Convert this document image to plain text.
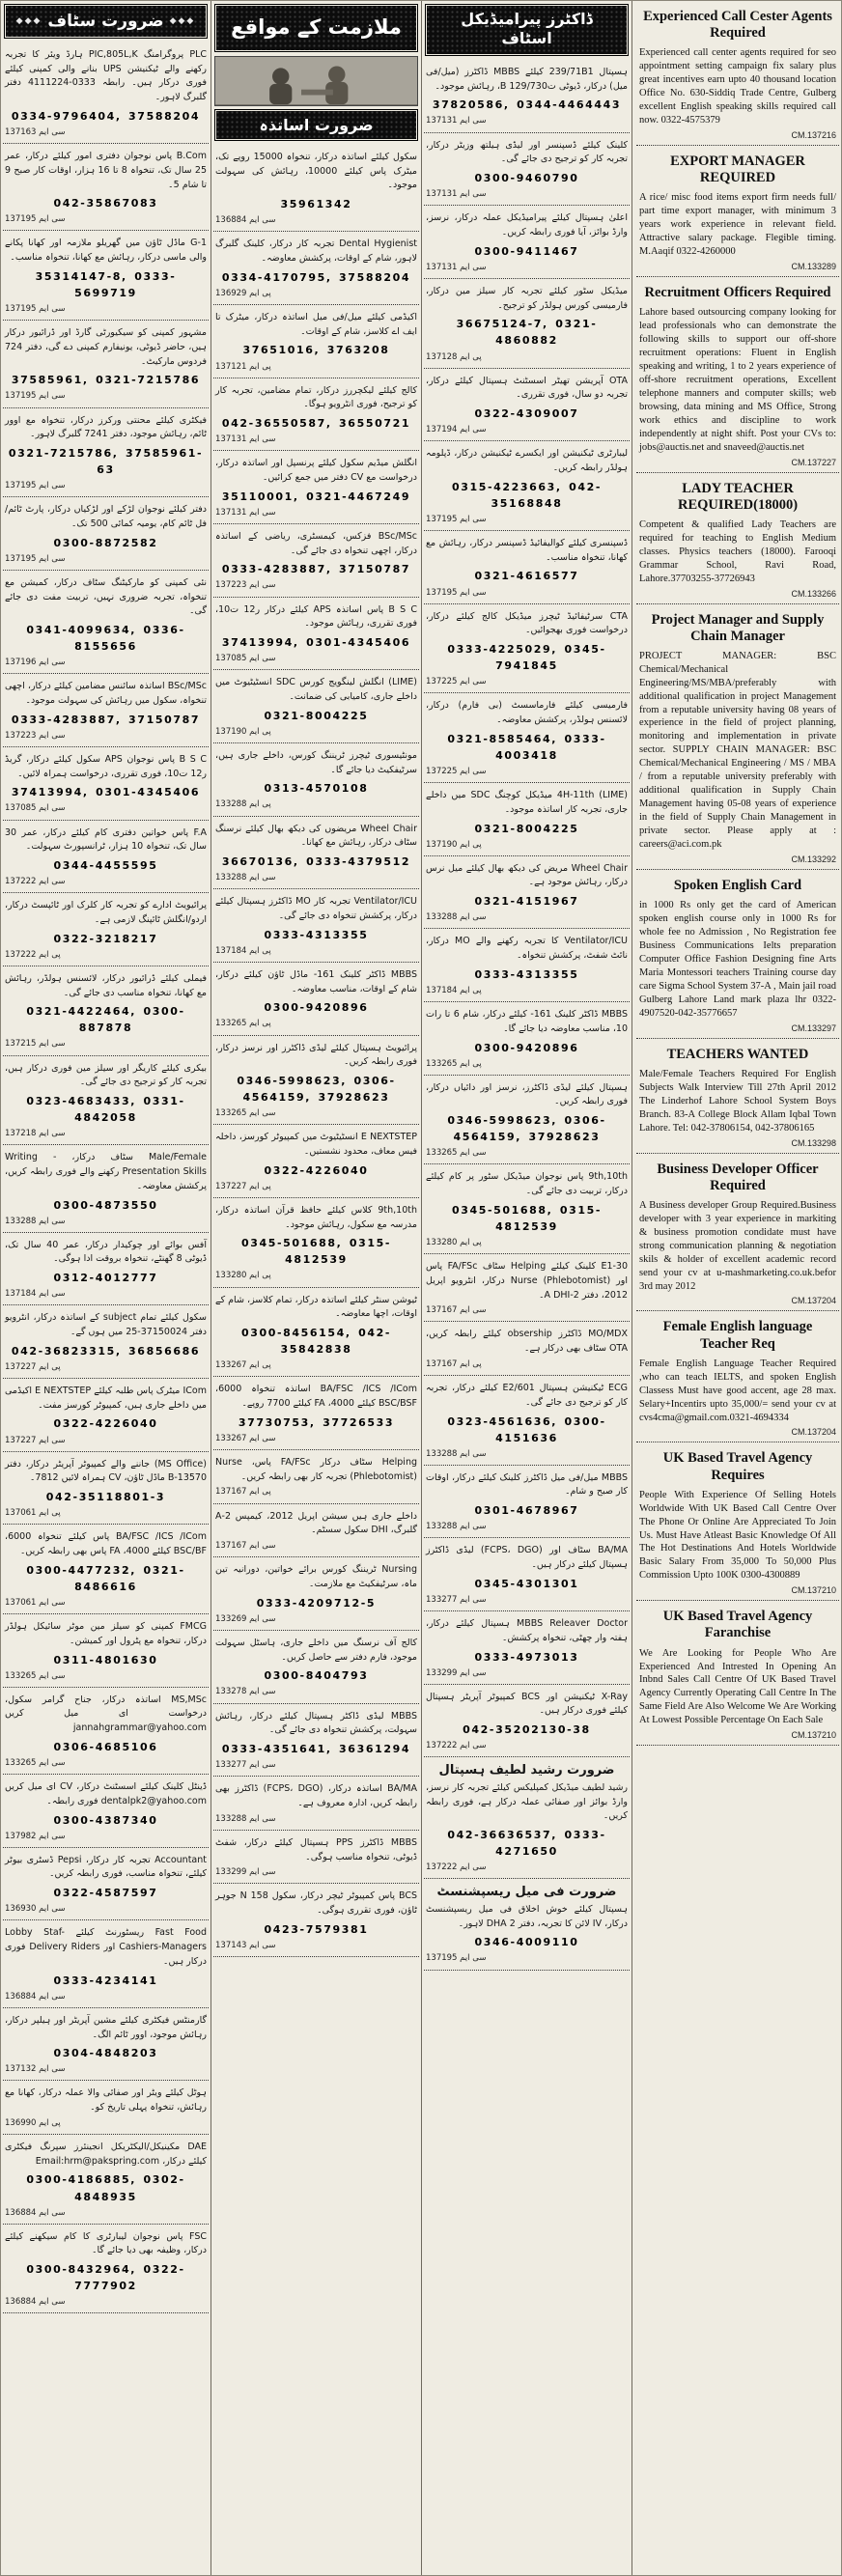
◆◆◆
ضرورت سٹاف
◆◆◆
PLC پروگرامنگ PIC,805L,K ہارڈ ویئر کا تجربہ رکھنے والے ٹیکنیشن UPS بنانے والی کمپنی کیلئے فوری درکار ہیں۔ رابطہ 0333-4111224 دفتر گلبرگ لاہور۔
0334-9796404, 37588204
سی ایم 137163
B.Com پاس نوجوان دفتری امور کیلئے درکار، عمر 25 سال تک، تنخواہ 8 تا 16 ہزار، اوقات کار صبح 9 تا شام 5۔
042-35867083
سی ایم 137195
G-1 ماڈل ٹاؤن میں گھریلو ملازمہ اور کھانا پکانے والی ماسی درکار، رہائش مع کھانا، تنخواہ مناسب۔
35314147-8, 0333-5699719
سی ایم 137195
مشہور کمپنی کو سیکیورٹی گارڈ اور ڈرائیور درکار ہیں، حاضر ڈیوٹی، یونیفارم کمپنی دے گی، دفتر 724 فردوس مارکیٹ۔
37585961, 0321-7215786
سی ایم 137195
فیکٹری کیلئے محنتی ورکرز درکار، تنخواہ مع اوور ٹائم، رہائش موجود، دفتر 7241 گلبرگ لاہور۔
0321-7215786, 37585961-63
سی ایم 137195
دفتر کیلئے نوجوان لڑکے اور لڑکیاں درکار، پارٹ ٹائم/فل ٹائم کام، یومیہ کمائی 500 تک۔
0300-8872582
سی ایم 137195
نئی کمپنی کو مارکیٹنگ سٹاف درکار، کمیشن مع تنخواہ، تجربہ ضروری نہیں، تربیت مفت دی جائے گی۔
0341-4099634, 0336-8155656
سی ایم 137196
BSc/MSc اساتذہ سائنس مضامین کیلئے درکار، اچھی تنخواہ، سکول میں رہائش کی سہولت موجود۔
0333-4283887, 37150787
سی ایم 137223
B S C پاس نوجوان APS سکول کیلئے درکار، گریڈ ر12 ت10، فوری تقرری، درخواست ہمراہ لائیں۔
37413994, 0301-4345406
سی ایم 137085
F.A پاس خواتین دفتری کام کیلئے درکار، عمر 30 سال تک، تنخواہ 10 ہزار، ٹرانسپورٹ سہولت۔
0344-4455595
سی ایم 137222
پرائیویٹ ادارے کو تجربہ کار کلرک اور ٹائپسٹ درکار، اردو/انگلش ٹائپنگ لازمی ہے۔
0322-3218217
پی ایم 137222
فیملی کیلئے ڈرائیور درکار، لائسنس ہولڈر، رہائش مع کھانا، تنخواہ مناسب دی جائے گی۔
0321-4422464, 0300-887878
سی ایم 137215
بیکری کیلئے کاریگر اور سیلز مین فوری درکار ہیں، تجربہ کار کو ترجیح دی جائے گی۔
0323-4683433, 0331-4842058
سی ایم 137218
Male/Female سٹاف درکار، Writing -Presentation Skills رکھنے والے فوری رابطہ کریں، پرکشش معاوضہ۔
0300-4873550
سی ایم 133288
آفس بوائے اور چوکیدار درکار، عمر 40 سال تک، ڈیوٹی 8 گھنٹے، تنخواہ بروقت ادا ہوگی۔
0312-4012777
سی ایم 137184
سکول کیلئے تمام subject کے اساتذہ درکار، انٹرویو دفتر 37150024-25 میں ہوں گے۔
042-36823315, 36856686
پی ایم 137227
ICom میٹرک پاس طلبہ کیلئے E NEXTSTEP اکیڈمی میں داخلے جاری ہیں، کمپیوٹر کورسز مفت۔
0322-4226040
سی ایم 137227
(MS Office) جاننے والے کمپیوٹر آپریٹر درکار، دفتر B-13570 ماڈل ٹاؤن، CV ہمراہ لائیں 7812۔
042-35118801-3
پی ایم 137061
BA/FSC /ICS /ICom پاس کیلئے تنخواہ 6000، BSC/BF کیلئے 4000، FA پاس بھی رابطہ کریں۔
0300-4477232, 0321-8486616
سی ایم 137061
FMCG کمپنی کو سیلز مین موٹر سائیکل ہولڈر درکار، تنخواہ مع پٹرول اور کمیشن۔
0311-4801630
سی ایم 133265
MS,MSc اساتذہ درکار، جناح گرامر سکول، درخواست ای میل کریں jannahgrammar@yahoo.com
0306-4685106
سی ایم 133265
ڈینٹل کلینک کیلئے اسسٹنٹ درکار، CV ای میل کریں dentalpk2@yahoo.com فوری رابطہ۔
0300-4387340
سی ایم 137982
Accountant تجربہ کار درکار، Pepsi ڈسٹری بیوٹر کیلئے، تنخواہ مناسب، فوری رابطہ کریں۔
0322-4587597
سی ایم 136930
Fast Food ریسٹورنٹ کیلئے Lobby Staf-Cashiers-Managers اور Delivery Riders فوری درکار ہیں۔
0333-4234141
سی ایم 136884
گارمنٹس فیکٹری کیلئے مشین آپریٹر اور ہیلپر درکار، رہائش موجود، اوور ٹائم الگ۔
0304-4848203
سی ایم 137132
ہوٹل کیلئے ویٹر اور صفائی والا عملہ درکار، کھانا مع رہائش، تنخواہ پہلی تاریخ کو۔
پی ایم 136990
DAE مکینیکل/الیکٹریکل انجینئرز سپرنگ فیکٹری کیلئے درکار، Email:hrm@pakspring.com
0300-4186885, 0302-4848935
سی ایم 136884
FSC پاس نوجوان لیبارٹری کا کام سیکھنے کیلئے درکار، وظیفہ بھی دیا جائے گا۔
0300-8432964, 0322-7777902
سی ایم 136884
ملازمت کے مواقع
ضرورت اساتذہ
سکول کیلئے اساتذہ درکار، تنخواہ 15000 روپے تک، میٹرک پاس کیلئے 10000، رہائش کی سہولت موجود۔
35961342
سی ایم 136884
Dental Hygienist تجربہ کار درکار، کلینک گلبرگ لاہور، شام کے اوقات، پرکشش معاوضہ۔
0334-4170795, 37588204
پی ایم 136929
اکیڈمی کیلئے میل/فی میل اساتذہ درکار، میٹرک تا ایف اے کلاسز، شام کے اوقات۔
37651016, 3763208
پی ایم 137121
کالج کیلئے لیکچررز درکار، تمام مضامین، تجربہ کار کو ترجیح، فوری انٹرویو ہوگا۔
042-36550587, 36550721
سی ایم 137131
انگلش میڈیم سکول کیلئے پرنسپل اور اساتذہ درکار، درخواست مع CV دفتر میں جمع کرائیں۔
35110001, 0321-4467249
سی ایم 137131
BSc/MSc فزکس، کیمسٹری، ریاضی کے اساتذہ درکار، اچھی تنخواہ دی جائے گی۔
0333-4283887, 37150787
سی ایم 137223
B S C پاس اساتذہ APS کیلئے درکار ر12 ت10، فوری تقرری، رہائش موجود۔
37413994, 0301-4345406
سی ایم 137085
(LIME) انگلش لینگویج کورس SDC انسٹیٹیوٹ میں داخلے جاری، کامیابی کی ضمانت۔
0321-8004225
پی ایم 137190
مونٹیسوری ٹیچرز ٹریننگ کورس، داخلے جاری ہیں، سرٹیفکیٹ دیا جائے گا۔
0313-4570108
پی ایم 133288
Wheel Chair مریضوں کی دیکھ بھال کیلئے نرسنگ سٹاف درکار، رہائش مع کھانا۔
36670136, 0333-4379512
سی ایم 133288
Ventilator/ICU تجربہ کار MO ڈاکٹرز ہسپتال کیلئے درکار، پرکشش تنخواہ دی جائے گی۔
0333-4313355
پی ایم 137184
MBBS ڈاکٹر کلینک 161- ماڈل ٹاؤن کیلئے درکار، شام کے اوقات، مناسب معاوضہ۔
0300-9420896
پی ایم 133265
پرائیویٹ ہسپتال کیلئے لیڈی ڈاکٹرز اور نرسز درکار، فوری رابطہ کریں۔
0346-5998623, 0306-4564159, 37928623
سی ایم 133265
E NEXTSTEP انسٹیٹیوٹ میں کمپیوٹر کورسز، داخلہ فیس معاف، محدود نشستیں۔
0322-4226040
پی ایم 137227
9th,10th کلاس کیلئے حافظ قرآن اساتذہ درکار، مدرسہ مع سکول، رہائش موجود۔
0345-501688, 0315-4812539
پی ایم 133280
ٹیوشن سنٹر کیلئے اساتذہ درکار، تمام کلاسز، شام کے اوقات، اچھا معاوضہ۔
0300-8456154, 042-35842838
پی ایم 133267
BA/FSC /ICS /ICom اساتذہ تنخواہ 6000، BSC/BSF کیلئے 4000، FA کیلئے 7700 روپے۔
37730753, 37726533
سی ایم 133267
Helping سٹاف درکار FA/FSc پاس، Nurse (Phlebotomist) تجربہ کار بھی رابطہ کریں۔
پی ایم 137167
داخلے جاری ہیں سیشن اپریل 2012، کیمپس 2-A گلبرگ، DHI سکول سسٹم۔
سی ایم 137167
Nursing ٹریننگ کورس برائے خواتین، دورانیہ تین ماہ، سرٹیفکیٹ مع ملازمت۔
0333-4209712-5
سی ایم 133269
کالج آف نرسنگ میں داخلے جاری، ہاسٹل سہولت موجود، فارم دفتر سے حاصل کریں۔
0300-8404793
سی ایم 133278
MBBS لیڈی ڈاکٹر ہسپتال کیلئے درکار، رہائش سہولت، پرکشش تنخواہ دی جائے گی۔
0333-4351641, 36361294
سی ایم 133277
BA/MA اساتذہ درکار، (FCPS، DGO) ڈاکٹرز بھی رابطہ کریں، ادارہ معروف ہے۔
سی ایم 133288
MBBS ڈاکٹرز PPS ہسپتال کیلئے درکار، شفٹ ڈیوٹی، تنخواہ مناسب ہوگی۔
سی ایم 133299
BCS پاس کمپیوٹر ٹیچر درکار، سکول N 158 جوہر ٹاؤن، فوری تقرری ہوگی۔
0423-7579381
سی ایم 137143
ڈاکٹرز پیرامیڈیکل
اسٹاف
ہسپتال 239/71B1 کیلئے MBBS ڈاکٹرز (میل/فی میل) درکار، ڈیوٹی ت730/B 129، رہائش موجود۔
37820586, 0344-4464443
سی ایم 137131
کلینک کیلئے ڈسپنسر اور لیڈی ہیلتھ وزیٹر درکار، تجربہ کار کو ترجیح دی جائے گی۔
0300-9460790
سی ایم 137131
اعلیٰ ہسپتال کیلئے پیرامیڈیکل عملہ درکار، نرسز، وارڈ بوائز، آیا فوری رابطہ کریں۔
0300-9411467
سی ایم 137131
میڈیکل سٹور کیلئے تجربہ کار سیلز مین درکار، فارمیسی کورس ہولڈر کو ترجیح۔
36675124-7, 0321-4860882
پی ایم 137128
OTA آپریشن تھیٹر اسسٹنٹ ہسپتال کیلئے درکار، تجربہ دو سال، فوری تقرری۔
0322-4309007
سی ایم 137194
لیبارٹری ٹیکنیشن اور ایکسرے ٹیکنیشن درکار، ڈپلومہ ہولڈر رابطہ کریں۔
0315-4223663, 042-35168848
سی ایم 137195
ڈسپنسری کیلئے کوالیفائیڈ ڈسپنسر درکار، رہائش مع کھانا، تنخواہ مناسب۔
0321-4616577
سی ایم 137195
CTA سرٹیفائیڈ ٹیچرز میڈیکل کالج کیلئے درکار، درخواست فوری بھجوائیں۔
0333-4225029, 0345-7941845
سی ایم 137225
فارمیسی کیلئے فارماسسٹ (بی فارم) درکار، لائسنس ہولڈر، پرکشش معاوضہ۔
0321-8585464, 0333-4003418
سی ایم 137225
4H-11th (LIME) میڈیکل کوچنگ SDC میں داخلے جاری، تجربہ کار اساتذہ موجود۔
0321-8004225
پی ایم 137190
Wheel Chair مریض کی دیکھ بھال کیلئے میل نرس درکار، رہائش موجود ہے۔
0321-4151967
سی ایم 133288
Ventilator/ICU کا تجربہ رکھنے والے MO درکار، نائٹ شفٹ، پرکشش تنخواہ۔
0333-4313355
پی ایم 137184
MBBS ڈاکٹر کلینک 161- کیلئے درکار، شام 6 تا رات 10، مناسب معاوضہ دیا جائے گا۔
0300-9420896
پی ایم 133265
ہسپتال کیلئے لیڈی ڈاکٹرز، نرسز اور دائیاں درکار، فوری رابطہ کریں۔
0346-5998623, 0306-4564159, 37928623
سی ایم 133265
9th,10th پاس نوجوان میڈیکل سٹور پر کام کیلئے درکار، تربیت دی جائے گی۔
0345-501688, 0315-4812539
پی ایم 133280
30-E1 کلینک کیلئے Helping سٹاف FA/FSc پاس اور Nurse (Phlebotomist) درکار، انٹرویو اپریل 2012، دفتر 2-A DHI۔
سی ایم 137167
MO/MDX ڈاکٹرز obsership کیلئے رابطہ کریں، OTA سٹاف بھی درکار ہے۔
پی ایم 137167
ECG ٹیکنیشن ہسپتال 601/E2 کیلئے درکار، تجربہ کار کو ترجیح دی جائے گی۔
0323-4561636, 0300-4151636
سی ایم 133288
MBBS میل/فی میل ڈاکٹرز کلینک کیلئے درکار، اوقات کار صبح و شام۔
0301-4678967
سی ایم 133288
BA/MA سٹاف اور (FCPS، DGO) لیڈی ڈاکٹرز ہسپتال کیلئے درکار ہیں۔
0345-4301301
سی ایم 133277
MBBS Releaver Doctor ہسپتال کیلئے درکار، ہفتہ وار چھٹی، تنخواہ پرکشش۔
0333-4973013
سی ایم 133299
X-Ray ٹیکنیشن اور BCS کمپیوٹر آپریٹر ہسپتال کیلئے فوری درکار ہیں۔
042-35202130-38
سی ایم 137222
ضرورت رشید لطیف ہسپتال
رشید لطیف میڈیکل کمپلیکس کیلئے تجربہ کار نرسز، وارڈ بوائز اور صفائی عملہ درکار ہے، فوری رابطہ کریں۔
042-36636537, 0333-4271650
سی ایم 137222
ضرورت فی میل ریسپشنسٹ
ہسپتال کیلئے خوش اخلاق فی میل ریسپشنسٹ درکار، IV لائن کا تجربہ، دفتر 2 DHA لاہور۔
0346-4009110
سی ایم 137195
Experienced Call Cester Agents Required
Experienced call center agents required for seo appointment setting campaign fix salary plus great incentives earn upto 40 thousand location Office No. 630-Siddiq Trade Centre, Gulberg excellent English speaking skills required call now. 0322-4575379
CM.137216
EXPORT MANAGER REQUIRED
A rice/ misc food items export firm needs full/ part time export manager, with minimum 3 years work experience in relevant field. Attractive salary package. Flegible timing. M.Aaqif 0322-4260000
CM.133289
Recruitment Officers Required
Lahore based outsourcing company looking for lead professionals who can demonstrate the following skills to support our off-shore recruitment operations: Fluent in English speaking and writing, 1 to 2 years experience of off-shore recruitment operations, Excellent telephone manners and computer skills; web browsing, data mining and MS Office, Strong work ethics and discipline to work independently at night shift. Post your CVs to: jobs@auctis.net and snaveed@auctis.net
CM.137227
LADY TEACHER REQUIRED(18000)
Competent & qualified Lady Teachers are required for teaching to English Medium classes. Physics teachers (18000). Farooqi Grammar School, Ravi Road, Lahore.37703255-37726943
CM.133266
Project Manager and Supply Chain Manager
PROJECT MANAGER: BSC Chemical/Mechanical Engineering/MS/MBA/preferably with additional qualification in project Management from a reputable university having 08 years of experience in the field of project planning, monitoring and implementation in private sector. SUPPLY CHAIN MANAGER: BSC Chemical/Mechanical Engineering / MS / MBA / from a reputable university preferably with additional qualification in Supply Chain Management having 05-08 years of experience in the field of Supply Chain Management in private sector. Please apply at : careers@aci.com.pk
CM.133292
Spoken English Card
in 1000 Rs only get the card of American spoken english course only in 1000 Rs for whole fee no Admission , No Registration fee Business Communications Ielts preparation Computer Office Fashion Designing fine Arts Maria Montessori teachers Training course day care Sigma School System 37-A , Main jail road Gulberg Lahore Land mark plaza lhr 0322-4907520-042-35776657
CM.133297
TEACHERS WANTED
Male/Female Teachers Required For English Subjects Walk Interview Till 27th April 2012 The Linderhof Lahore School System Boys Branch. 83-A College Block Allam Iqbal Town Lahore. Tel: 042-37806154, 042-37806165
CM.133298
Business Developer Officer Required
A Business developer Group Required.Business developer with 3 year experience in markiting & business promotion condidate must have strong communication planning & negotiation skils & holder of excellent academic record send your cv at u-mashmarketing.co.uk.befor 3rd may 2012
CM.137204
Female English language Teacher Req
Female English Language Teacher Required ,who can teach IELTS, and spoken English Classess Must have good accent, age 28 max. Selary+Incentirs upto 35,000/= send your cv at cvs4cma@gmail.com.0321-4694334
CM.137204
UK Based Travel Agency Requires
People With Experience Of Selling Hotels Worldwide With UK Based Call Centre Over The Phone Or Online Are Appreciated To Join Us. Must Have Atleast Basic Knowledge Of All The Hot Destinations And Hotels Worldwide Basic Salary From 35,000 To 50,000 Plus Commission Upto 100K 0300-4300889
CM.137210
UK Based Travel Agency Faranchise
We Are Looking for People Who Are Experienced And Intrested In Opening An Inbnd Sales Call Centre Of UK Based Travel Agency Currently Operating Call Centre In The Same Field Are Also Welcome We Are Working At Lowest Possible Percentage On Each Sale
CM.137210
